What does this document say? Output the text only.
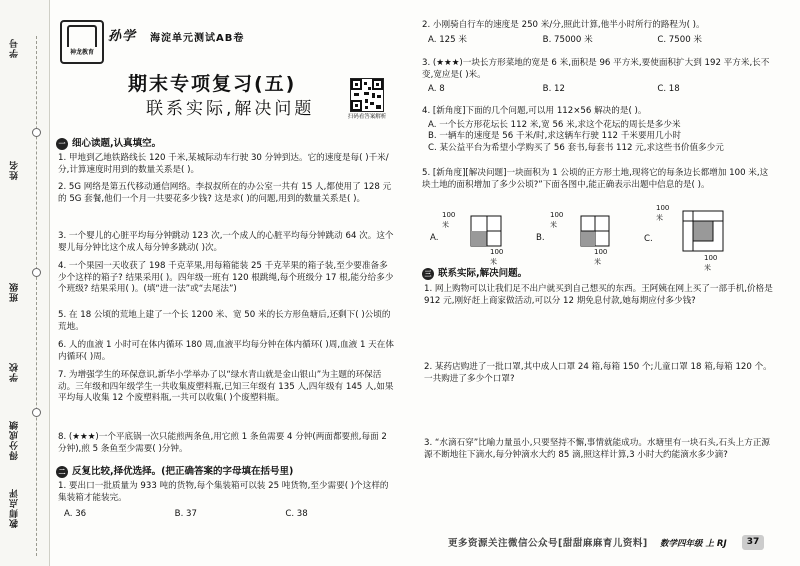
学号
姓名
班级
学校
得分成绩
教师点评
神龙教育
孙学 海淀单元测试AB卷
期末专项复习(五)
联系实际,解决问题	扫码看答案解析
一 细心读题,认真填空。
1. 甲地到乙地铁路线长 120 千米,某城际动车行驶 30 分钟到达。它的速度是每( )千米/分,计算速度时用到的数量关系是( )。
2. 5G 网络是第五代移动通信网络。李叔叔所在的办公室一共有 15 人,都使用了 128 元的 5G 套餐,他们一个月一共要花多少钱? 这是求( )的问题,用到的数量关系是( )。
3. 一个婴儿的心脏平均每分钟跳动 123 次,一个成人的心脏平均每分钟跳动 64 次。这个婴儿每分钟比这个成人每分钟多跳动( )次。
4. 一个果园一天收获了 198 千克苹果,用每箱能装 25 千克苹果的箱子装,至少要准备多少个这样的箱子? 结果采用( )。四年级一班有 120 根跳绳,每个班级分 17 根,能分给多少个班级? 结果采用( )。(填“进一法”或“去尾法”)
5. 在 18 公顷的荒地上建了一个长 1200 米、宽 50 米的长方形鱼塘后,还剩下( )公顷的荒地。
6. 人的血液 1 小时可在体内循环 180 周,血液平均每分钟在体内循环( )周,血液 1 天在体内循环( )周。
7. 为增强学生的环保意识,新华小学举办了以“绿水青山就是金山银山”为主题的环保活动。三年级和四年级学生一共收集废塑料瓶,已知三年级有 135 人,四年级有 145 人,如果平均每人收集 12 个废塑料瓶,一共可以收集( )个废塑料瓶。
8. (★★★)一个平底锅一次只能煎两条鱼,用它煎 1 条鱼需要 4 分钟(两面都要煎,每面 2 分钟),煎 5 条鱼至少需要( )分钟。
二 反复比较,择优选择。(把正确答案的字母填在括号里)
1. 要出口一批质量为 933 吨的货物,每个集装箱可以装 25 吨货物,至少需要( )个这样的集装箱才能装完。
A. 36	B. 37	C. 38
2. 小刚骑自行车的速度是 250 米/分,照此计算,他半小时所行的路程为( )。
A. 125 米	B. 75000 米	C. 7500 米
3. (★★★)一块长方形菜地的宽是 6 米,面积是 96 平方米,要使面积扩大到 192 平方米,长不变,宽应是( )米。
A. 8	B. 12	C. 18
4. [新角度]下面的几个问题,可以用 112×56 解决的是( )。
A. 一个长方形花坛长 112 米,宽 56 米,求这个花坛的周长是多少米
B. 一辆车的速度是 56 千米/时,求这辆车行驶 112 千米要用几小时
C. 某公益平台为希望小学购买了 56 套书,每套书 112 元,求这些书价值多少元
5. [新角度][解决问题]一块面积为 1 公顷的正方形土地,现将它的每条边长都增加 100 米,这块土地的面积增加了多少公顷?”下面各图中,能正确表示出题中信息的是( )。
A.
100 米
100 米
B.
100 米
100 米
C.
100 米
100 米
三 联系实际,解决问题。
1. 网上购物可以让我们足不出户就买到自己想买的东西。王阿姨在网上买了一部手机,价格是 912 元,刚好赶上商家做活动,可以分 12 期免息付款,她每期应付多少钱?
2. 某药店购进了一批口罩,其中成人口罩 24 箱,每箱 150 个;儿童口罩 18 箱,每箱 120 个。一共购进了多少个口罩?
3. “水滴石穿”比喻力量虽小,只要坚持不懈,事情就能成功。水塘里有一块石头,石头上方正源源不断地往下滴水,每分钟滴水大约 85 滴,照这样计算,3 小时大约能滴水多少滴?
更多资源关注微信公众号[甜甜麻麻育儿资料] 数学四年级 上 RJ	37
